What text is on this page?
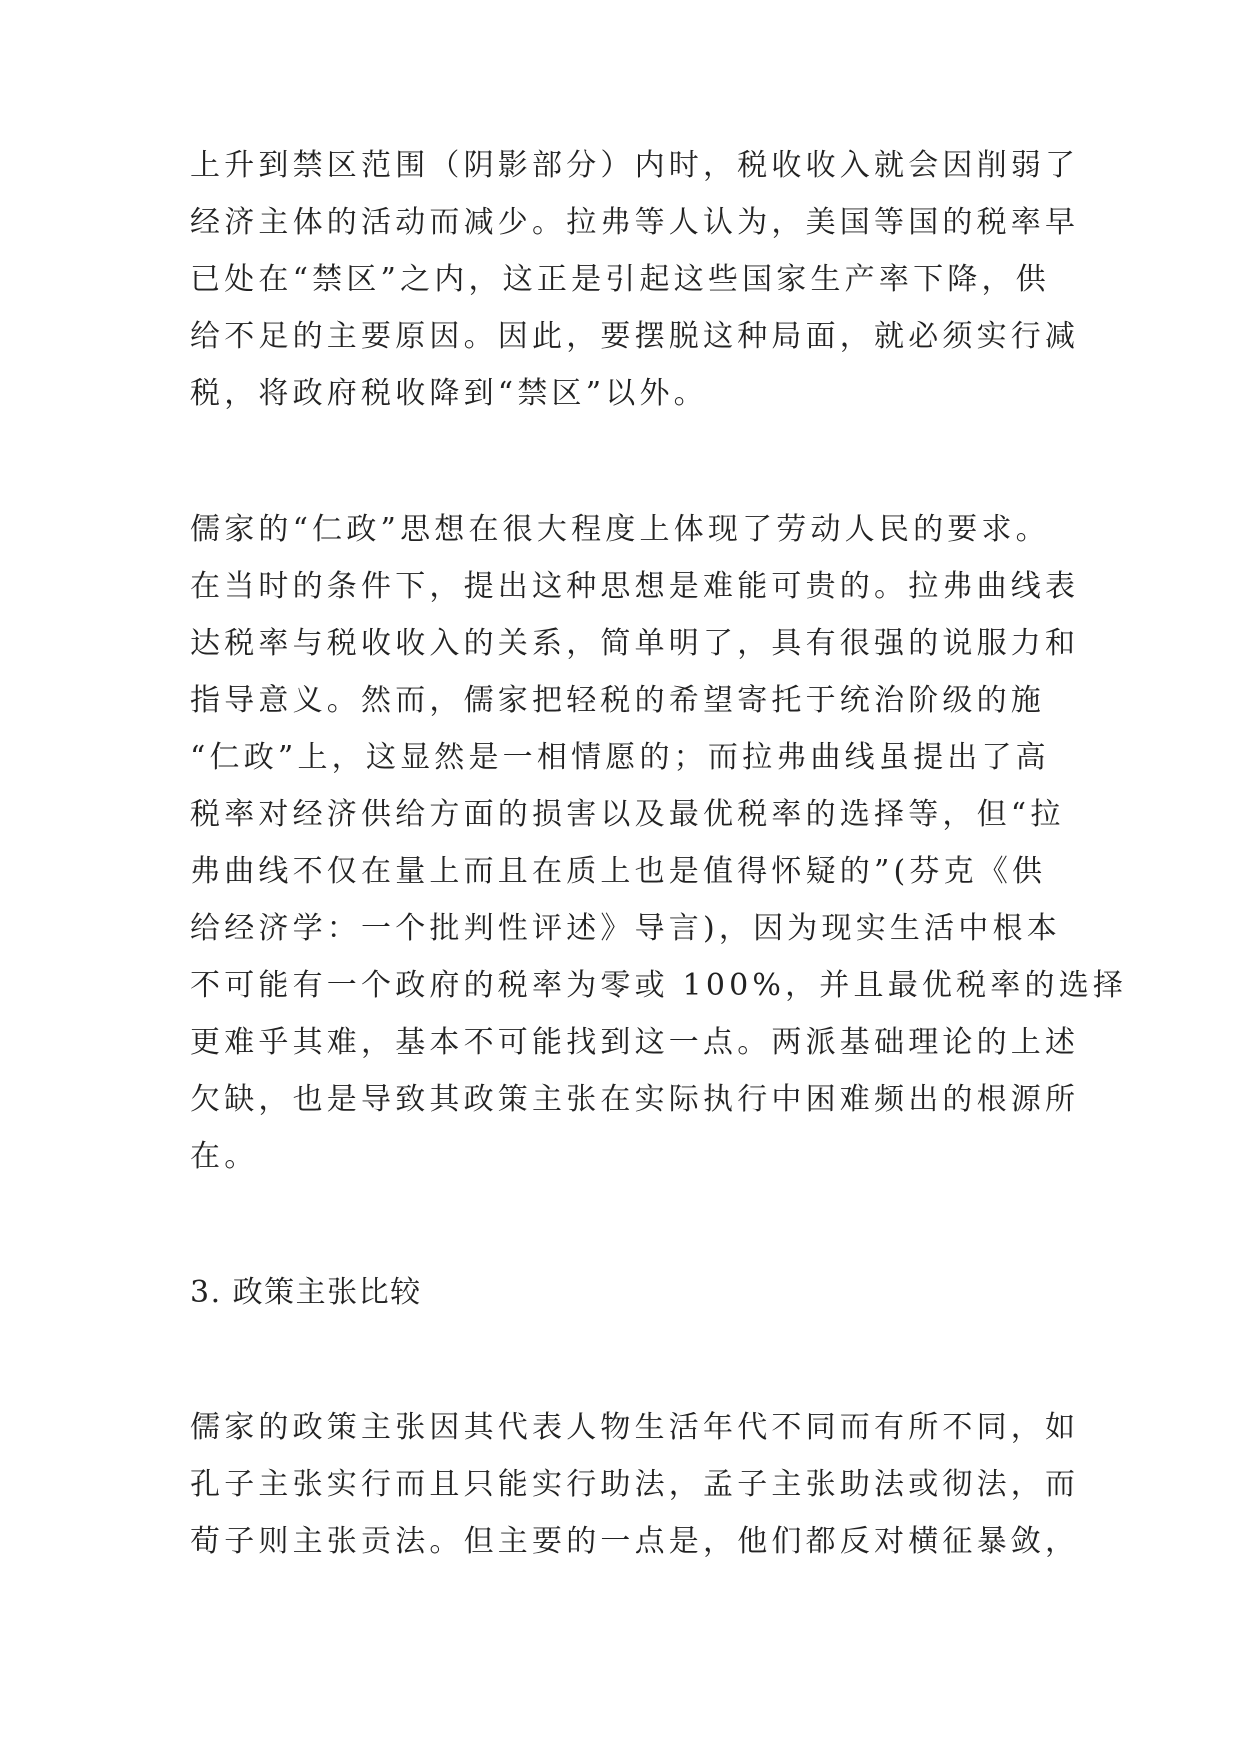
上升到禁区范围（阴影部分）内时，税收收入就会因削弱了
经济主体的活动而减少。拉弗等人认为，美国等国的税率早
已处在“禁区”之内，这正是引起这些国家生产率下降，供
给不足的主要原因。因此，要摆脱这种局面，就必须实行减
税，将政府税收降到“禁区”以外。
儒家的“仁政”思想在很大程度上体现了劳动人民的要求。
在当时的条件下，提出这种思想是难能可贵的。拉弗曲线表
达税率与税收收入的关系，简单明了，具有很强的说服力和
指导意义。然而，儒家把轻税的希望寄托于统治阶级的施
“仁政”上，这显然是一相情愿的；而拉弗曲线虽提出了高
税率对经济供给方面的损害以及最优税率的选择等，但“拉
弗曲线不仅在量上而且在质上也是值得怀疑的”(芬克《供
给经济学：一个批判性评述》导言)，因为现实生活中根本
不可能有一个政府的税率为零或 100%，并且最优税率的选择
更难乎其难，基本不可能找到这一点。两派基础理论的上述
欠缺，也是导致其政策主张在实际执行中困难频出的根源所
在。
3. 政策主张比较
儒家的政策主张因其代表人物生活年代不同而有所不同，如
孔子主张实行而且只能实行助法，孟子主张助法或彻法，而
荀子则主张贡法。但主要的一点是，他们都反对横征暴敛，
